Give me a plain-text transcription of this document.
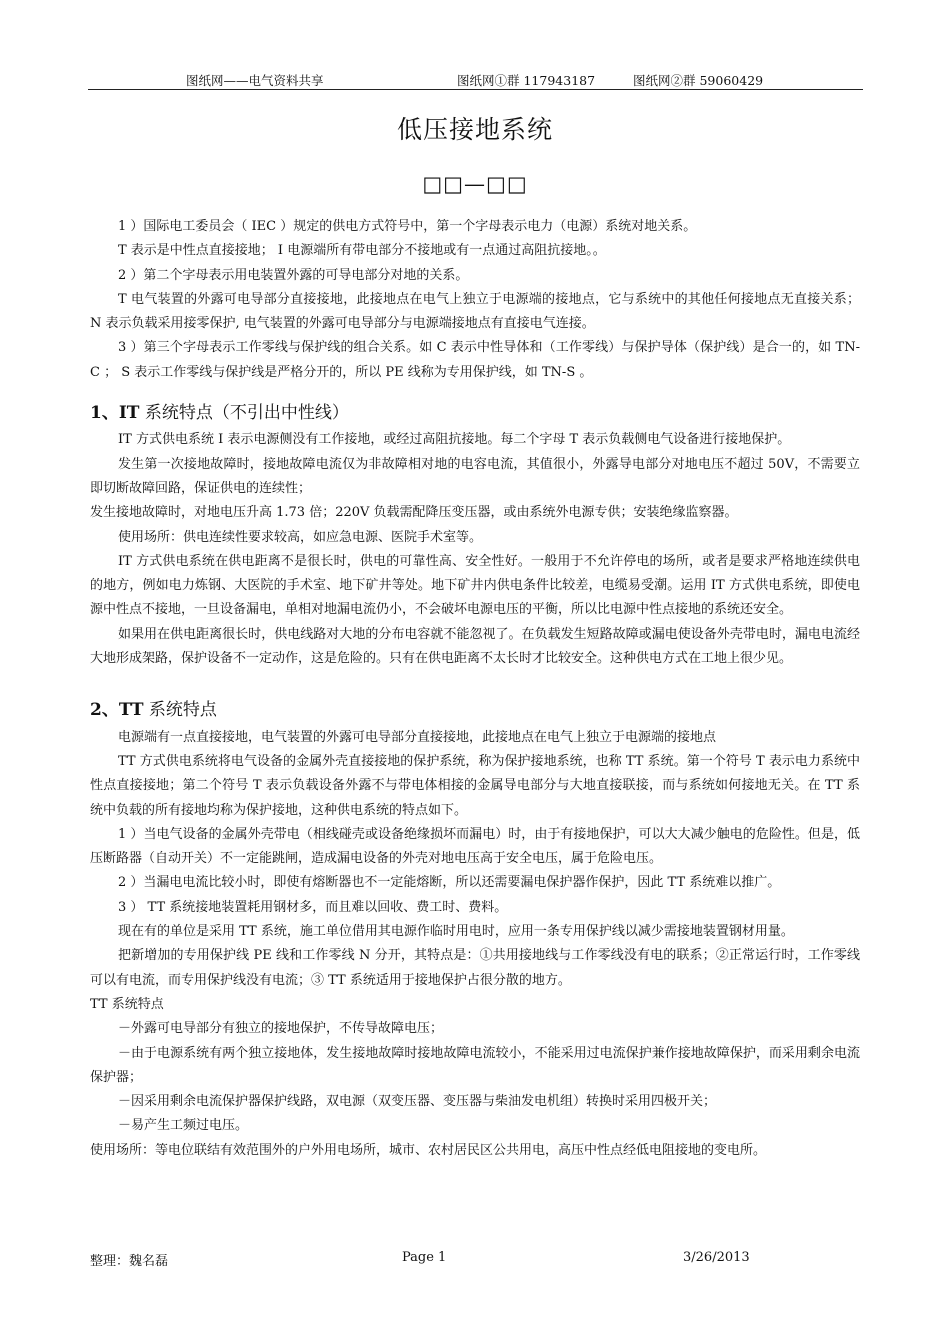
图纸网——电气资料共享	图纸网①群 117943187	图纸网②群 59060429
低压接地系统
□□—□□

1 ）国际电工委员会（ IEC ）规定的供电方式符号中，第一个字母表示电力（电源）系统对地关系。

T 表示是中性点直接接地； I 电源端所有带电部分不接地或有一点通过高阻抗接地。。

2 ）第二个字母表示用电装置外露的可导电部分对地的关系。

T 电气装置的外露可电导部分直接接地，此接地点在电气上独立于电源端的接地点，它与系统中的其他任何接地点无直接关系； N 表示负载采用接零保护, 电气装置的外露可电导部分与电源端接地点有直接电气连接。

3 ）第三个字母表示工作零线与保护线的组合关系。如 C 表示中性导体和（工作零线）与保护导体（保护线）是合一的，如 TN-C ； S 表示工作零线与保护线是严格分开的，所以 PE 线称为专用保护线，如 TN-S 。

1、IT 系统特点（不引出中性线）

IT 方式供电系统 I 表示电源侧没有工作接地，或经过高阻抗接地。每二个字母 T 表示负载侧电气设备进行接地保护。

发生第一次接地故障时，接地故障电流仅为非故障相对地的电容电流，其值很小，外露导电部分对地电压不超过 50V，不需要立即切断故障回路，保证供电的连续性；

发生接地故障时，对地电压升高 1.73 倍；220V 负载需配降压变压器，或由系统外电源专供；安装绝缘监察器。

使用场所：供电连续性要求较高，如应急电源、医院手术室等。

IT 方式供电系统在供电距离不是很长时，供电的可靠性高、安全性好。一般用于不允许停电的场所，或者是要求严格地连续供电的地方，例如电力炼钢、大医院的手术室、地下矿井等处。地下矿井内供电条件比较差，电缆易受潮。运用 IT 方式供电系统，即使电源中性点不接地，一旦设备漏电，单相对地漏电流仍小，不会破坏电源电压的平衡，所以比电源中性点接地的系统还安全。

如果用在供电距离很长时，供电线路对大地的分布电容就不能忽视了。在负载发生短路故障或漏电使设备外壳带电时，漏电电流经大地形成架路，保护设备不一定动作，这是危险的。只有在供电距离不太长时才比较安全。这种供电方式在工地上很少见。

2、TT 系统特点

电源端有一点直接接地，电气装置的外露可电导部分直接接地，此接地点在电气上独立于电源端的接地点

TT 方式供电系统将电气设备的金属外壳直接接地的保护系统，称为保护接地系统，也称 TT 系统。第一个符号 T 表示电力系统中性点直接接地；第二个符号 T 表示负载设备外露不与带电体相接的金属导电部分与大地直接联接，而与系统如何接地无关。在 TT 系统中负载的所有接地均称为保护接地，这种供电系统的特点如下。

1 ）当电气设备的金属外壳带电（相线碰壳或设备绝缘损坏而漏电）时，由于有接地保护，可以大大减少触电的危险性。但是，低压断路器（自动开关）不一定能跳闸，造成漏电设备的外壳对地电压高于安全电压，属于危险电压。

2 ）当漏电电流比较小时，即使有熔断器也不一定能熔断，所以还需要漏电保护器作保护，因此 TT 系统难以推广。

3 ） TT 系统接地装置耗用钢材多，而且难以回收、费工时、费料。

现在有的单位是采用 TT 系统，施工单位借用其电源作临时用电时，应用一条专用保护线以减少需接地装置钢材用量。

把新增加的专用保护线 PE 线和工作零线 N 分开，其特点是：①共用接地线与工作零线没有电的联系；②正常运行时，工作零线可以有电流，而专用保护线没有电流；③ TT 系统适用于接地保护占很分散的地方。

TT 系统特点

－外露可电导部分有独立的接地保护，不传导故障电压；

－由于电源系统有两个独立接地体，发生接地故障时接地故障电流较小，不能采用过电流保护兼作接地故障保护，而采用剩余电流保护器；

－因采用剩余电流保护器保护线路，双电源（双变压器、变压器与柴油发电机组）转换时采用四极开关；

－易产生工频过电压。

使用场所：等电位联结有效范围外的户外用电场所，城市、农村居民区公共用电，高压中性点经低电阻接地的变电所。

整理：魏名磊	Page 1	3/26/2013
